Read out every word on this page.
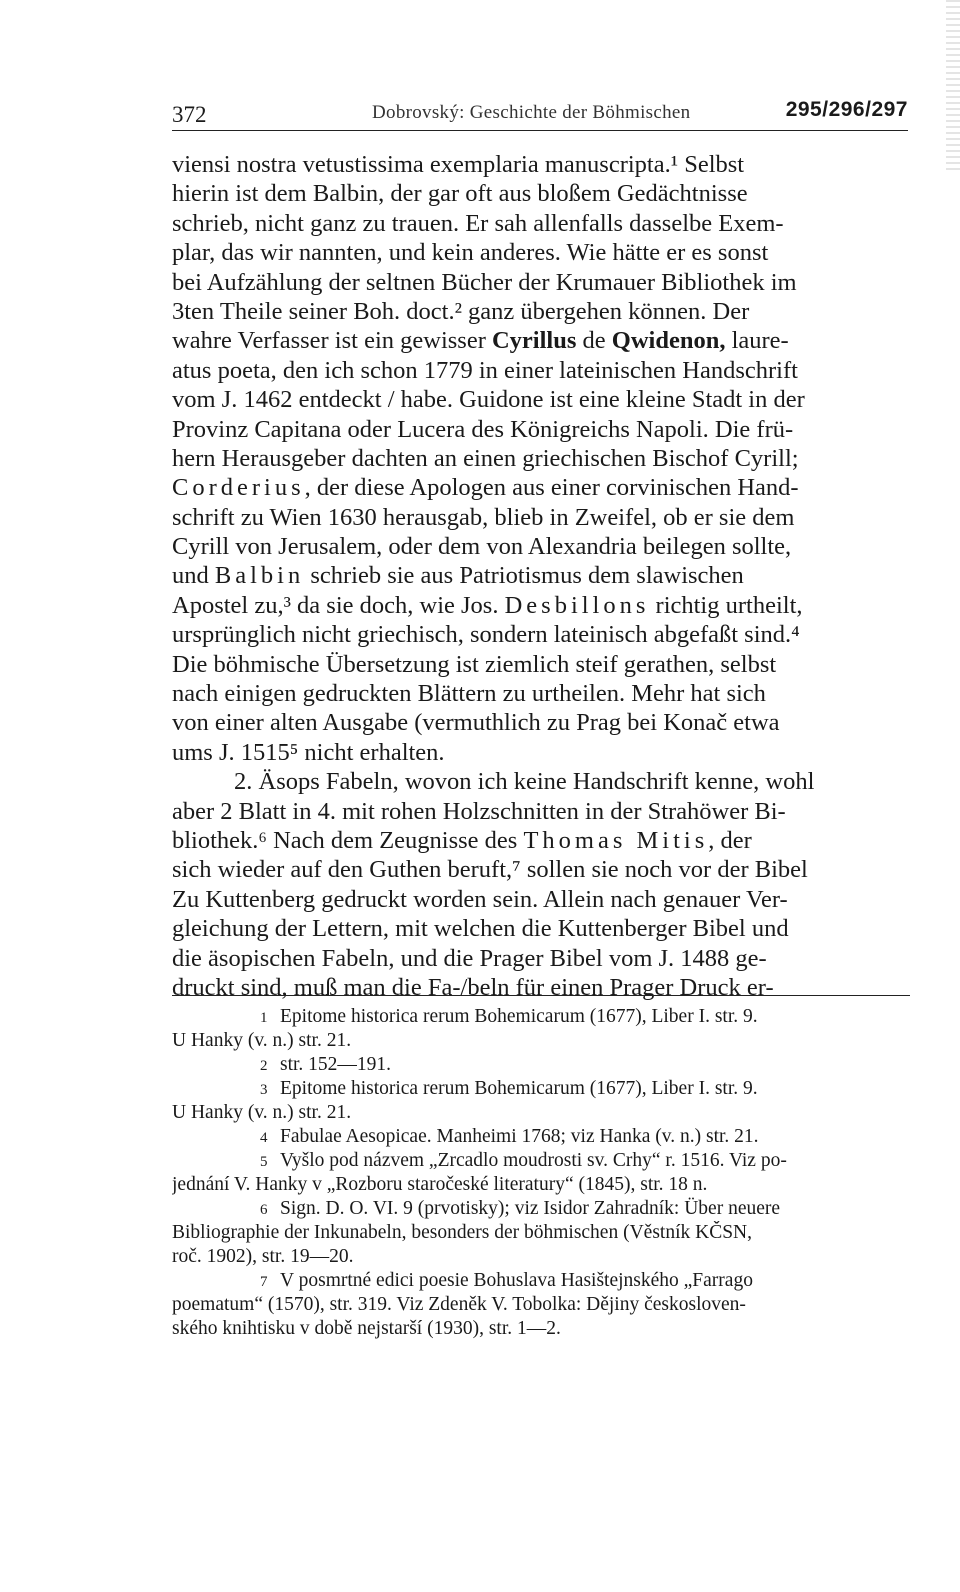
372	Dobrovský: Geschichte der Böhmischen	295/296/297
viensi nostra vetustissima exemplaria manuscripta.¹ Selbst
hierin ist dem Balbin, der gar oft aus bloßem Gedächtnisse
schrieb, nicht ganz zu trauen. Er sah allenfalls dasselbe Exem-
plar, das wir nannten, und kein anderes. Wie hätte er es sonst
bei Aufzählung der seltnen Bücher der Krumauer Bibliothek im
3ten Theile seiner Boh. doct.² ganz übergehen können. Der
wahre Verfasser ist ein gewisser Cyrillus de Qwidenon, laure-
atus poeta, den ich schon 1779 in einer lateinischen Handschrift
vom J. 1462 entdeckt / habe. Guidone ist eine kleine Stadt in der
Provinz Capitana oder Lucera des Königreichs Napoli. Die frü-
hern Herausgeber dachten an einen griechischen Bischof Cyrill;
Corderius, der diese Apologen aus einer corvinischen Hand-
schrift zu Wien 1630 herausgab, blieb in Zweifel, ob er sie dem
Cyrill von Jerusalem, oder dem von Alexandria beilegen sollte,
und Balbin schrieb sie aus Patriotismus dem slawischen
Apostel zu,³ da sie doch, wie Jos. Desbillons richtig urtheilt,
ursprünglich nicht griechisch, sondern lateinisch abgefaßt sind.⁴
Die böhmische Übersetzung ist ziemlich steif gerathen, selbst
nach einigen gedruckten Blättern zu urtheilen. Mehr hat sich
von einer alten Ausgabe (vermuthlich zu Prag bei Konač etwa
ums J. 1515⁵ nicht erhalten.
2. Äsops Fabeln, wovon ich keine Handschrift kenne, wohl
aber 2 Blatt in 4. mit rohen Holzschnitten in der Strahöwer Bi-
bliothek.⁶ Nach dem Zeugnisse des Thomas Mitis, der
sich wieder auf den Guthen beruft,⁷ sollen sie noch vor der Bibel
Zu Kuttenberg gedruckt worden sein. Allein nach genauer Ver-
gleichung der Lettern, mit welchen die Kuttenberger Bibel und
die äsopischen Fabeln, und die Prager Bibel vom J. 1488 ge-
druckt sind, muß man die Fa-/beln für einen Prager Druck er-
1 Epitome historica rerum Bohemicarum (1677), Liber I. str. 9.
U Hanky (v. n.) str. 21.
2 str. 152—191.
3 Epitome historica rerum Bohemicarum (1677), Liber I. str. 9.
U Hanky (v. n.) str. 21.
4 Fabulae Aesopicae. Manheimi 1768; viz Hanka (v. n.) str. 21.
5 Vyšlo pod názvem „Zrcadlo moudrosti sv. Crhy“ r. 1516. Viz po-
jednání V. Hanky v „Rozboru staročeské literatury“ (1845), str. 18 n.
6 Sign. D. O. VI. 9 (prvotisky); viz Isidor Zahradník: Über neuere
Bibliographie der Inkunabeln, besonders der böhmischen (Věstník KČSN,
roč. 1902), str. 19—20.
7 V posmrtné edici poesie Bohuslava Hasištejnského „Farrago
poematum“ (1570), str. 319. Viz Zdeněk V. Tobolka: Dějiny českosloven-
ského knihtisku v době nejstarší (1930), str. 1—2.
